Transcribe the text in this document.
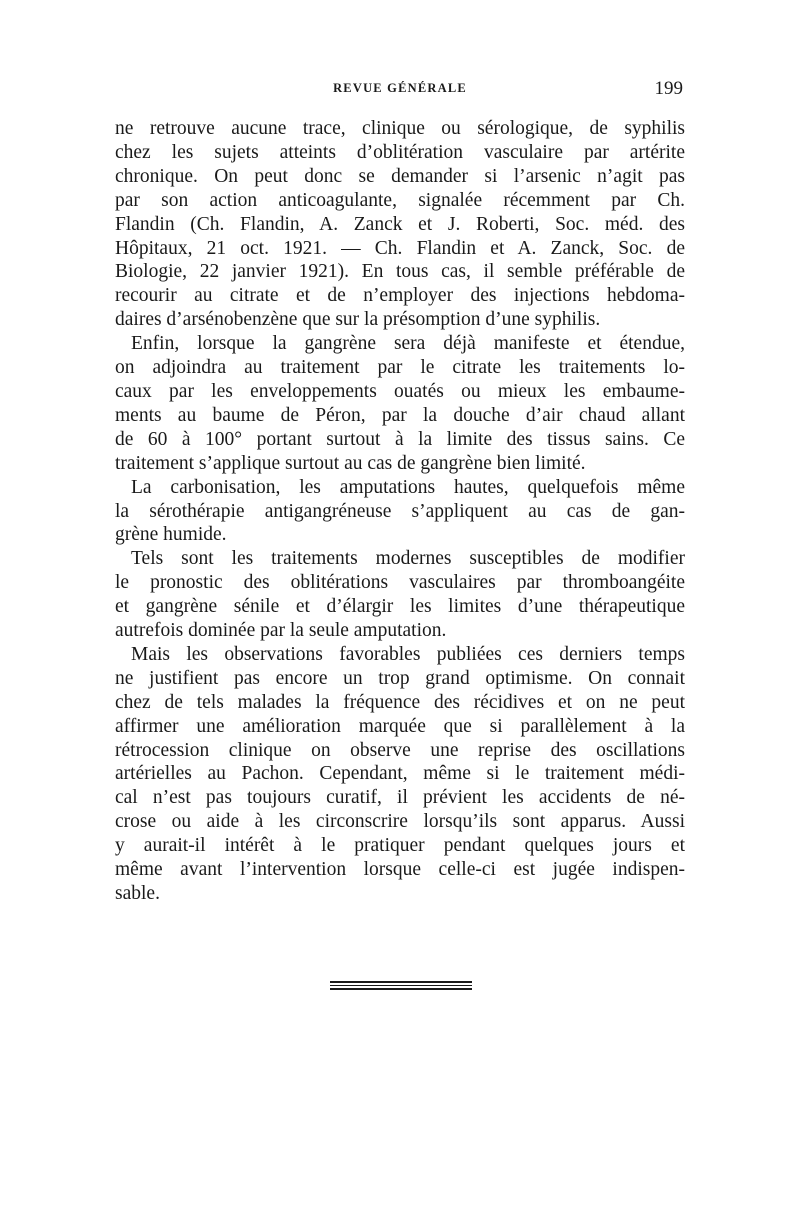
REVUE GÉNÉRALE	199
ne retrouve aucune trace, clinique ou sérologique, de syphilis
chez les sujets atteints d’oblitération vasculaire par artérite
chronique. On peut donc se demander si l’arsenic n’agit pas
par son action anticoagulante, signalée récemment par Ch.
Flandin (Ch. Flandin, A. Zanck et J. Roberti, Soc. méd. des
Hôpitaux, 21 oct. 1921. — Ch. Flandin et A. Zanck, Soc. de
Biologie, 22 janvier 1921). En tous cas, il semble préférable de
recourir au citrate et de n’employer des injections hebdoma-
daires d’arsénobenzène que sur la présomption d’une syphilis.
Enfin, lorsque la gangrène sera déjà manifeste et étendue,
on adjoindra au traitement par le citrate les traitements lo-
caux par les enveloppements ouatés ou mieux les embaume-
ments au baume de Péron, par la douche d’air chaud allant
de 60 à 100° portant surtout à la limite des tissus sains. Ce
traitement s’applique surtout au cas de gangrène bien limité.
La carbonisation, les amputations hautes, quelquefois même
la sérothérapie antigangréneuse s’appliquent au cas de gan-
grène humide.
Tels sont les traitements modernes susceptibles de modifier
le pronostic des oblitérations vasculaires par thromboangéite
et gangrène sénile et d’élargir les limites d’une thérapeutique
autrefois dominée par la seule amputation.
Mais les observations favorables publiées ces derniers temps
ne justifient pas encore un trop grand optimisme. On connait
chez de tels malades la fréquence des récidives et on ne peut
affirmer une amélioration marquée que si parallèlement à la
rétrocession clinique on observe une reprise des oscillations
artérielles au Pachon. Cependant, même si le traitement médi-
cal n’est pas toujours curatif, il prévient les accidents de né-
crose ou aide à les circonscrire lorsqu’ils sont apparus. Aussi
y aurait-il intérêt à le pratiquer pendant quelques jours et
même avant l’intervention lorsque celle-ci est jugée indispen-
sable.
